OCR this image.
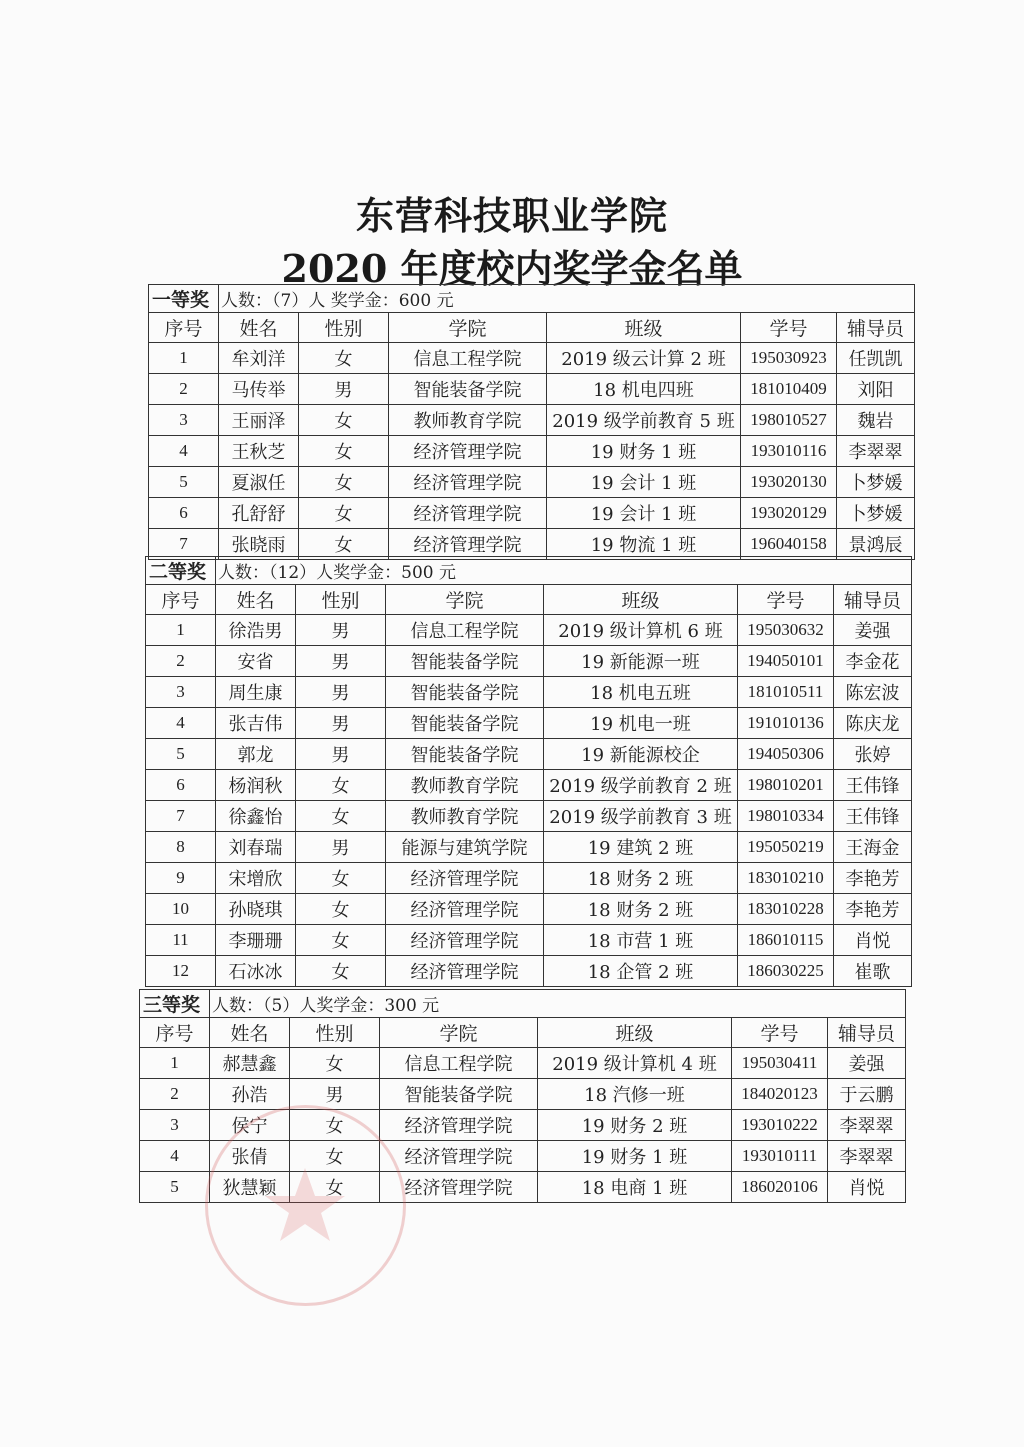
东营科技职业学院
2020 年度校内奖学金名单
一等奖	人数：（7）人 奖学金：600 元					
序号	姓名	性别	学院	班级	学号	辅导员
1	牟刘洋	女	信息工程学院	2019 级云计算 2 班	195030923	任凯凯
2	马传举	男	智能装备学院	18 机电四班	181010409	刘阳
3	王丽泽	女	教师教育学院	2019 级学前教育 5 班	198010527	魏岩
4	王秋芝	女	经济管理学院	19 财务 1 班	193010116	李翠翠
5	夏淑任	女	经济管理学院	19 会计 1 班	193020130	卜梦媛
6	孔舒舒	女	经济管理学院	19 会计 1 班	193020129	卜梦媛
7	张晓雨	女	经济管理学院	19 物流 1 班	196040158	景鸿辰
二等奖	人数：（12）人奖学金：500 元					
序号	姓名	性别	学院	班级	学号	辅导员
1	徐浩男	男	信息工程学院	2019 级计算机 6 班	195030632	姜强
2	安省	男	智能装备学院	19 新能源一班	194050101	李金花
3	周生康	男	智能装备学院	18 机电五班	181010511	陈宏波
4	张吉伟	男	智能装备学院	19 机电一班	191010136	陈庆龙
5	郭龙	男	智能装备学院	19 新能源校企	194050306	张婷
6	杨润秋	女	教师教育学院	2019 级学前教育 2 班	198010201	王伟锋
7	徐鑫怡	女	教师教育学院	2019 级学前教育 3 班	198010334	王伟锋
8	刘春瑞	男	能源与建筑学院	19 建筑 2 班	195050219	王海金
9	宋增欣	女	经济管理学院	18 财务 2 班	183010210	李艳芳
10	孙晓琪	女	经济管理学院	18 财务 2 班	183010228	李艳芳
11	李珊珊	女	经济管理学院	18 市营 1 班	186010115	肖悦
12	石冰冰	女	经济管理学院	18 企管 2 班	186030225	崔歌
三等奖	人数：（5）人奖学金：300 元					
序号	姓名	性别	学院	班级	学号	辅导员
1	郝慧鑫	女	信息工程学院	2019 级计算机 4 班	195030411	姜强
2	孙浩	男	智能装备学院	18 汽修一班	184020123	于云鹏
3	侯宁	女	经济管理学院	19 财务 2 班	193010222	李翠翠
4	张倩	女	经济管理学院	19 财务 1 班	193010111	李翠翠
5	狄慧颖	女	经济管理学院	18 电商 1 班	186020106	肖悦
